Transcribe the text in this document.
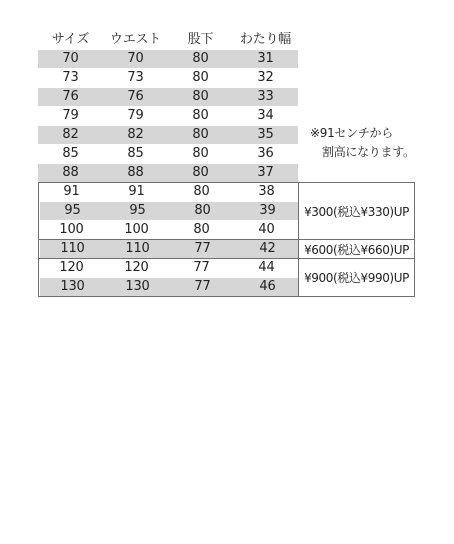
サイズ	ウエスト	股下	わたり幅
70	70	80	31
73	73	80	32
76	76	80	33
79	79	80	34
82	82	80	35
85	85	80	36
88	88	80	37
※91センチから
割高になります。
91	91	80	38
95	95	80	39
100	100	80	40
¥300(税込¥330)UP
110	110	77	42	¥600(税込¥660)UP
120	120	77	44
130	130	77	46
¥900(税込¥990)UP
